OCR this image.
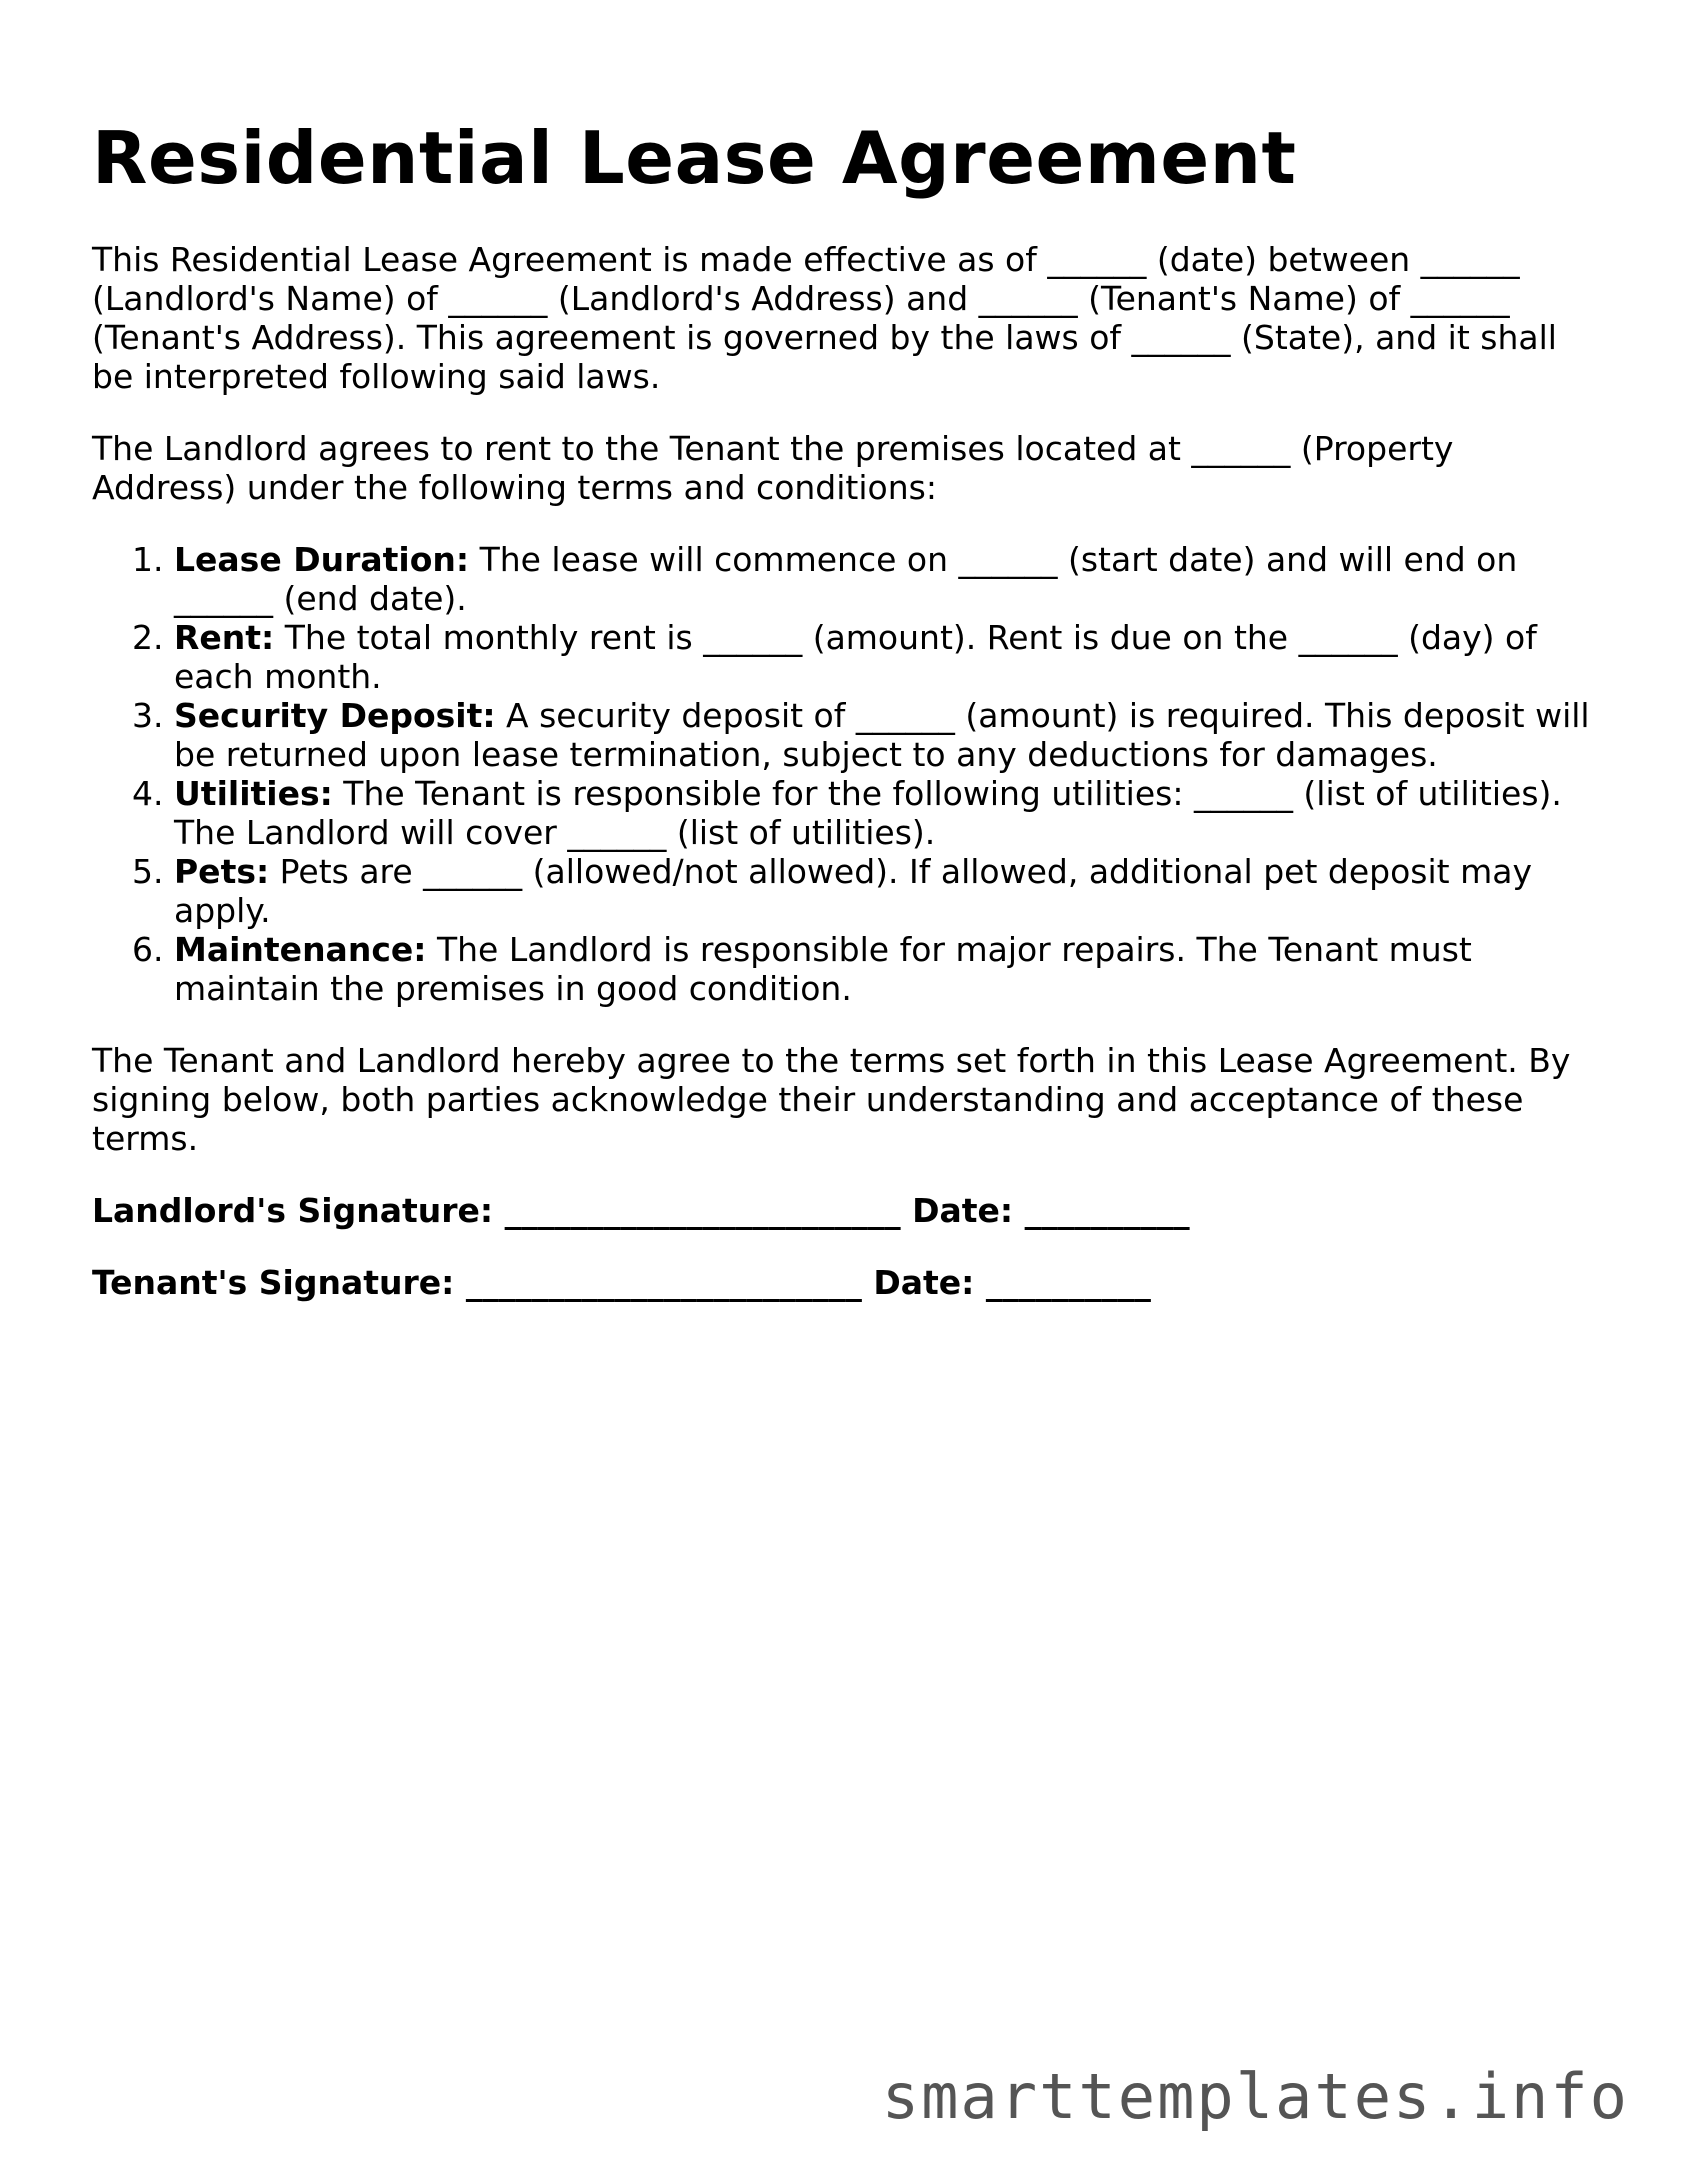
Residential Lease Agreement

This Residential Lease Agreement is made effective as of ______ (date) between ______ (Landlord's Name) of ______ (Landlord's Address) and ______ (Tenant's Name) of ______ (Tenant's Address). This agreement is governed by the laws of ______ (State), and it shall be interpreted following said laws.

The Landlord agrees to rent to the Tenant the premises located at ______ (Property Address) under the following terms and conditions:

1. Lease Duration: The lease will commence on ______ (start date) and will end on ______ (end date).
2. Rent: The total monthly rent is ______ (amount). Rent is due on the ______ (day) of each month.
3. Security Deposit: A security deposit of ______ (amount) is required. This deposit will be returned upon lease termination, subject to any deductions for damages.
4. Utilities: The Tenant is responsible for the following utilities: ______ (list of utilities). The Landlord will cover ______ (list of utilities).
5. Pets: Pets are ______ (allowed/not allowed). If allowed, additional pet deposit may apply.
6. Maintenance: The Landlord is responsible for major repairs. The Tenant must maintain the premises in good condition.

The Tenant and Landlord hereby agree to the terms set forth in this Lease Agreement. By signing below, both parties acknowledge their understanding and acceptance of these terms.

Landlord's Signature: ________________________ Date: __________

Tenant's Signature: ________________________ Date: __________

smarttemplates.info
